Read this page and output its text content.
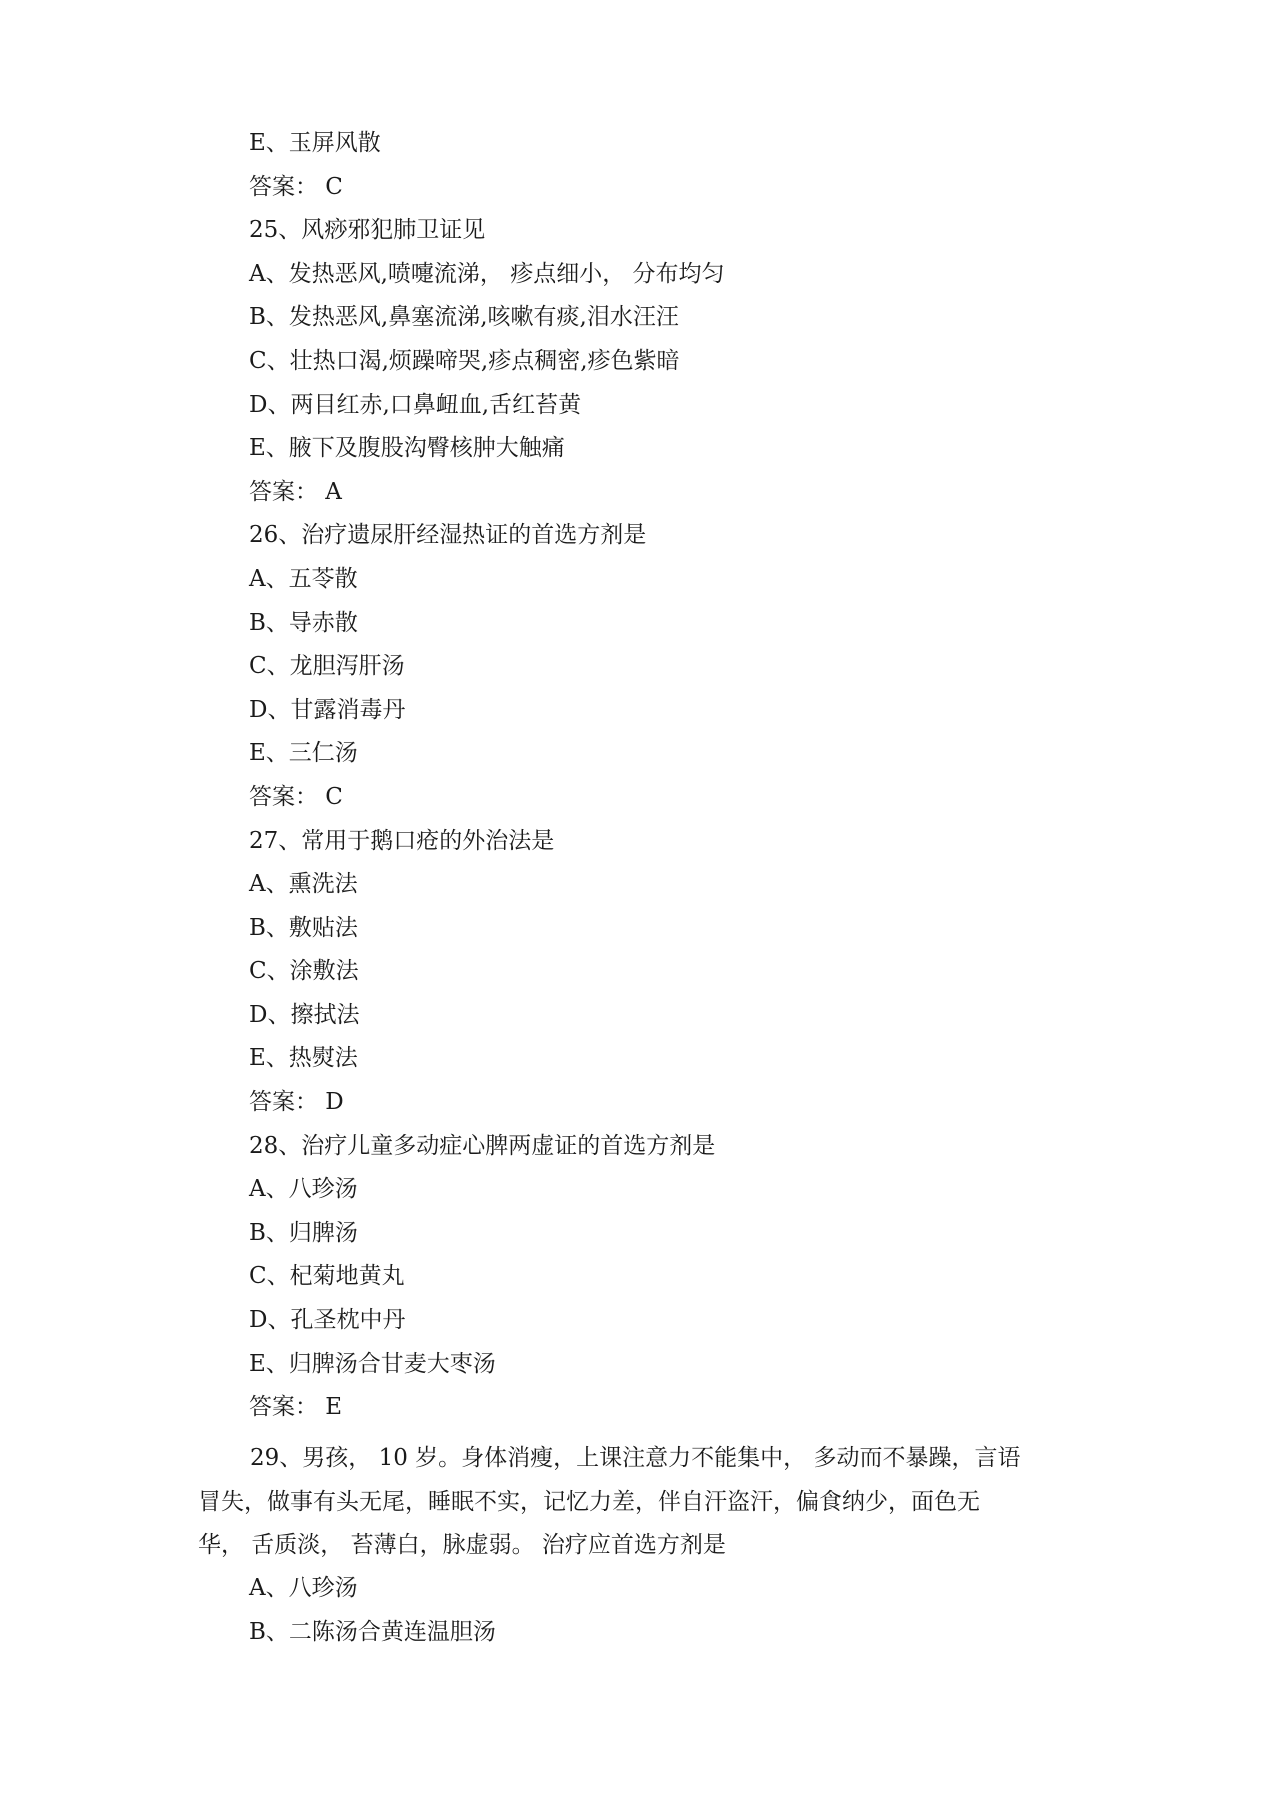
E、玉屏风散
答案： C
25、风痧邪犯肺卫证见
A、发热恶风,喷嚏流涕， 疹点细小， 分布均匀
B、发热恶风,鼻塞流涕,咳嗽有痰,泪水汪汪
C、壮热口渴,烦躁啼哭,疹点稠密,疹色紫暗
D、两目红赤,口鼻衄血,舌红苔黄
E、腋下及腹股沟臀核肿大触痛
答案： A
26、治疗遗尿肝经湿热证的首选方剂是
A、五苓散
B、导赤散
C、龙胆泻肝汤
D、甘露消毒丹
E、三仁汤
答案： C
27、常用于鹅口疮的外治法是
A、熏洗法
B、敷贴法
C、涂敷法
D、擦拭法
E、热熨法
答案： D
28、治疗儿童多动症心脾两虚证的首选方剂是
A、八珍汤
B、归脾汤
C、杞菊地黄丸
D、孔圣枕中丹
E、归脾汤合甘麦大枣汤
答案： E
29、男孩， 10 岁。身体消瘦，上课注意力不能集中， 多动而不暴躁，言语
冒失，做事有头无尾，睡眠不实，记忆力差，伴自汗盗汗，偏食纳少，面色无
华， 舌质淡， 苔薄白，脉虚弱。 治疗应首选方剂是
A、八珍汤
B、二陈汤合黄连温胆汤
